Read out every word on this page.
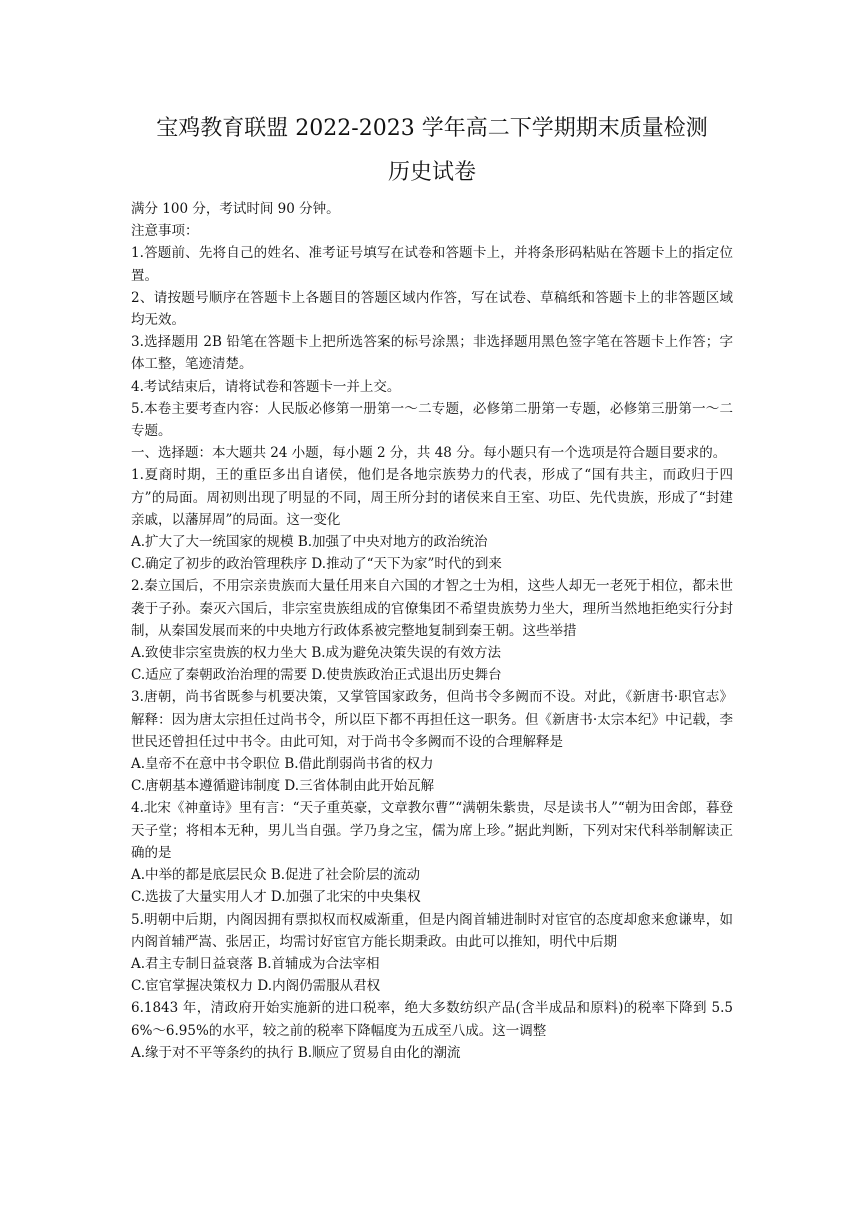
宝鸡教育联盟 2022-2023 学年高二下学期期末质量检测
历史试卷

满分 100 分，考试时间 90 分钟。

注意事项：

1.答题前、先将自己的姓名、准考证号填写在试卷和答题卡上，并将条形码粘贴在答题卡上的指定位置。

2、请按题号顺序在答题卡上各题目的答题区域内作答，写在试卷、草稿纸和答题卡上的非答题区域均无效。

3.选择题用 2B 铅笔在答题卡上把所选答案的标号涂黑；非选择题用黑色签字笔在答题卡上作答；字体工整，笔迹清楚。

4.考试结束后，请将试卷和答题卡一并上交。

5.本卷主要考查内容：人民版必修第一册第一～二专题，必修第二册第一专题，必修第三册第一～二专题。

一、选择题：本大题共 24 小题，每小题 2 分，共 48 分。每小题只有一个选项是符合题目要求的。

1.夏商时期，王的重臣多出自诸侯，他们是各地宗族势力的代表，形成了“国有共主，而政归于四方”的局面。周初则出现了明显的不同，周王所分封的诸侯来自王室、功臣、先代贵族，形成了“封建亲戚，以藩屏周”的局面。这一变化

A.扩大了大一统国家的规模 B.加强了中央对地方的政治统治

C.确定了初步的政治管理秩序 D.推动了“天下为家”时代的到来

2.秦立国后，不用宗亲贵族而大量任用来自六国的才智之士为相，这些人却无一老死于相位，都未世袭于子孙。秦灭六国后，非宗室贵族组成的官僚集团不希望贵族势力坐大，理所当然地拒绝实行分封制，从秦国发展而来的中央地方行政体系被完整地复制到秦王朝。这些举措

A.致使非宗室贵族的权力坐大 B.成为避免决策失误的有效方法

C.适应了秦朝政治治理的需要 D.使贵族政治正式退出历史舞台

3.唐朝，尚书省既参与机要决策，又掌管国家政务，但尚书令多阙而不设。对此，《新唐书·职官志》解释：因为唐太宗担任过尚书令，所以臣下都不再担任这一职务。但《新唐书·太宗本纪》中记载，李世民还曾担任过中书令。由此可知，对于尚书令多阙而不设的合理解释是

A.皇帝不在意中书令职位 B.借此削弱尚书省的权力

C.唐朝基本遵循避讳制度 D.三省体制由此开始瓦解

4.北宋《神童诗》里有言：“天子重英豪，文章教尔曹”“满朝朱紫贵，尽是读书人”“朝为田舍郎，暮登天子堂；将相本无种，男儿当自强。学乃身之宝，儒为席上珍。”据此判断，下列对宋代科举制解读正确的是

A.中举的都是底层民众 B.促进了社会阶层的流动

C.选拔了大量实用人才 D.加强了北宋的中央集权

5.明朝中后期，内阁因拥有票拟权而权威渐重，但是内阁首辅进制时对宦官的态度却愈来愈谦卑，如内阁首辅严嵩、张居正，均需讨好宦官方能长期秉政。由此可以推知，明代中后期

A.君主专制日益衰落 B.首辅成为合法宰相

C.宦官掌握决策权力 D.内阁仍需服从君权

6.1843 年，清政府开始实施新的进口税率，绝大多数纺织产品(含半成品和原料)的税率下降到 5.56%～6.95%的水平，较之前的税率下降幅度为五成至八成。这一调整

A.缘于对不平等条约的执行 B.顺应了贸易自由化的潮流
